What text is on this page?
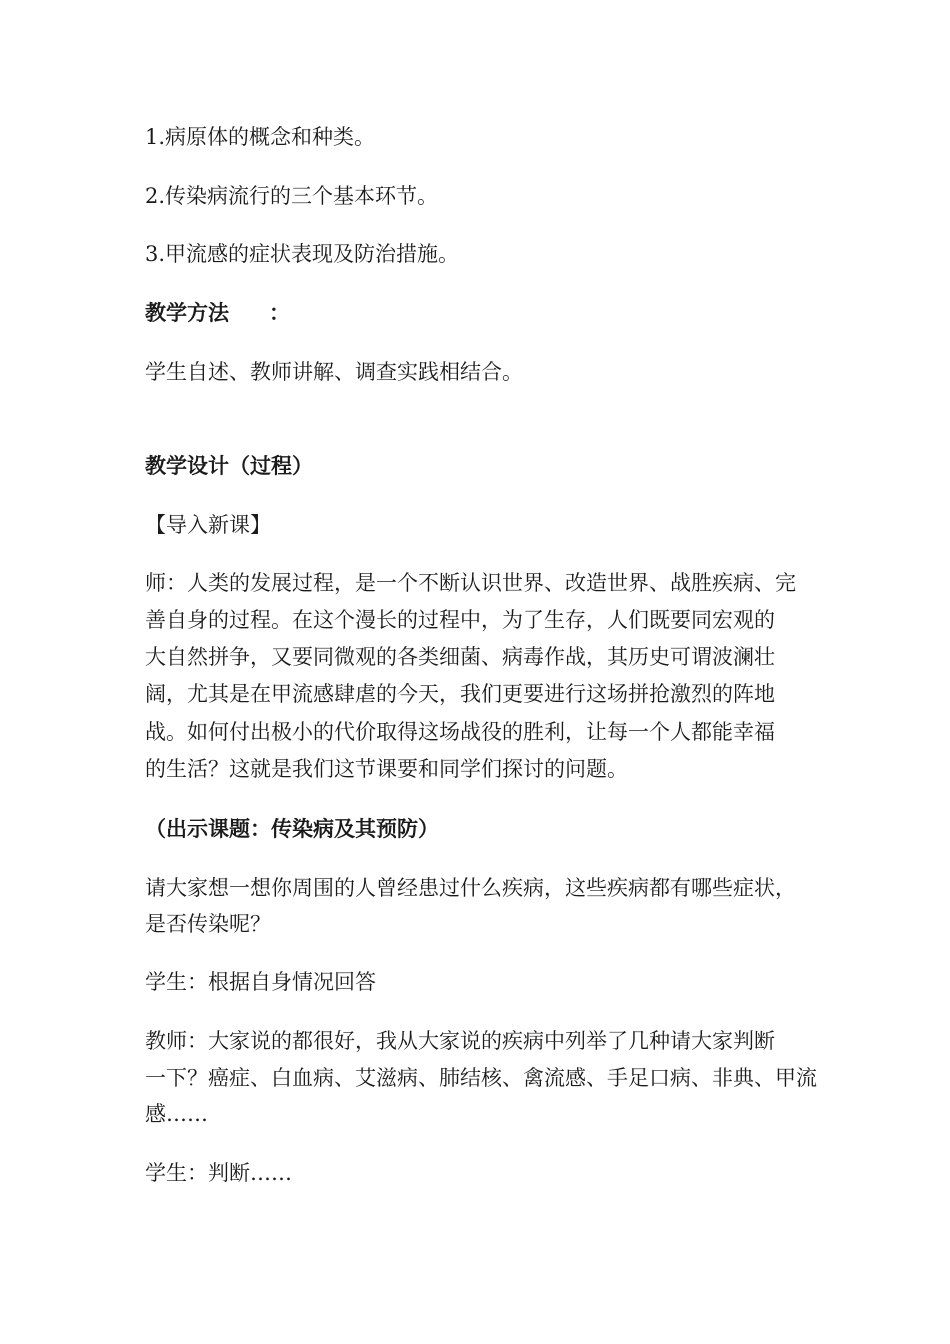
1.病原体的概念和种类。
2.传染病流行的三个基本环节。
3.甲流感的症状表现及防治措施。
教学方法 ：
学生自述、教师讲解、调查实践相结合。
教学设计（过程）
【导入新课】
师：人类的发展过程，是一个不断认识世界、改造世界、战胜疾病、完
善自身的过程。在这个漫长的过程中，为了生存，人们既要同宏观的
大自然拼争，又要同微观的各类细菌、病毒作战，其历史可谓波澜壮
阔，尤其是在甲流感肆虐的今天，我们更要进行这场拼抢激烈的阵地
战。如何付出极小的代价取得这场战役的胜利，让每一个人都能幸福
的生活？这就是我们这节课要和同学们探讨的问题。
（出示课题：传染病及其预防）
请大家想一想你周围的人曾经患过什么疾病，这些疾病都有哪些症状，
是否传染呢？
学生：根据自身情况回答
教师：大家说的都很好，我从大家说的疾病中列举了几种请大家判断
一下？癌症、白血病、艾滋病、肺结核、禽流感、手足口病、非典、甲流
感……
学生：判断……
